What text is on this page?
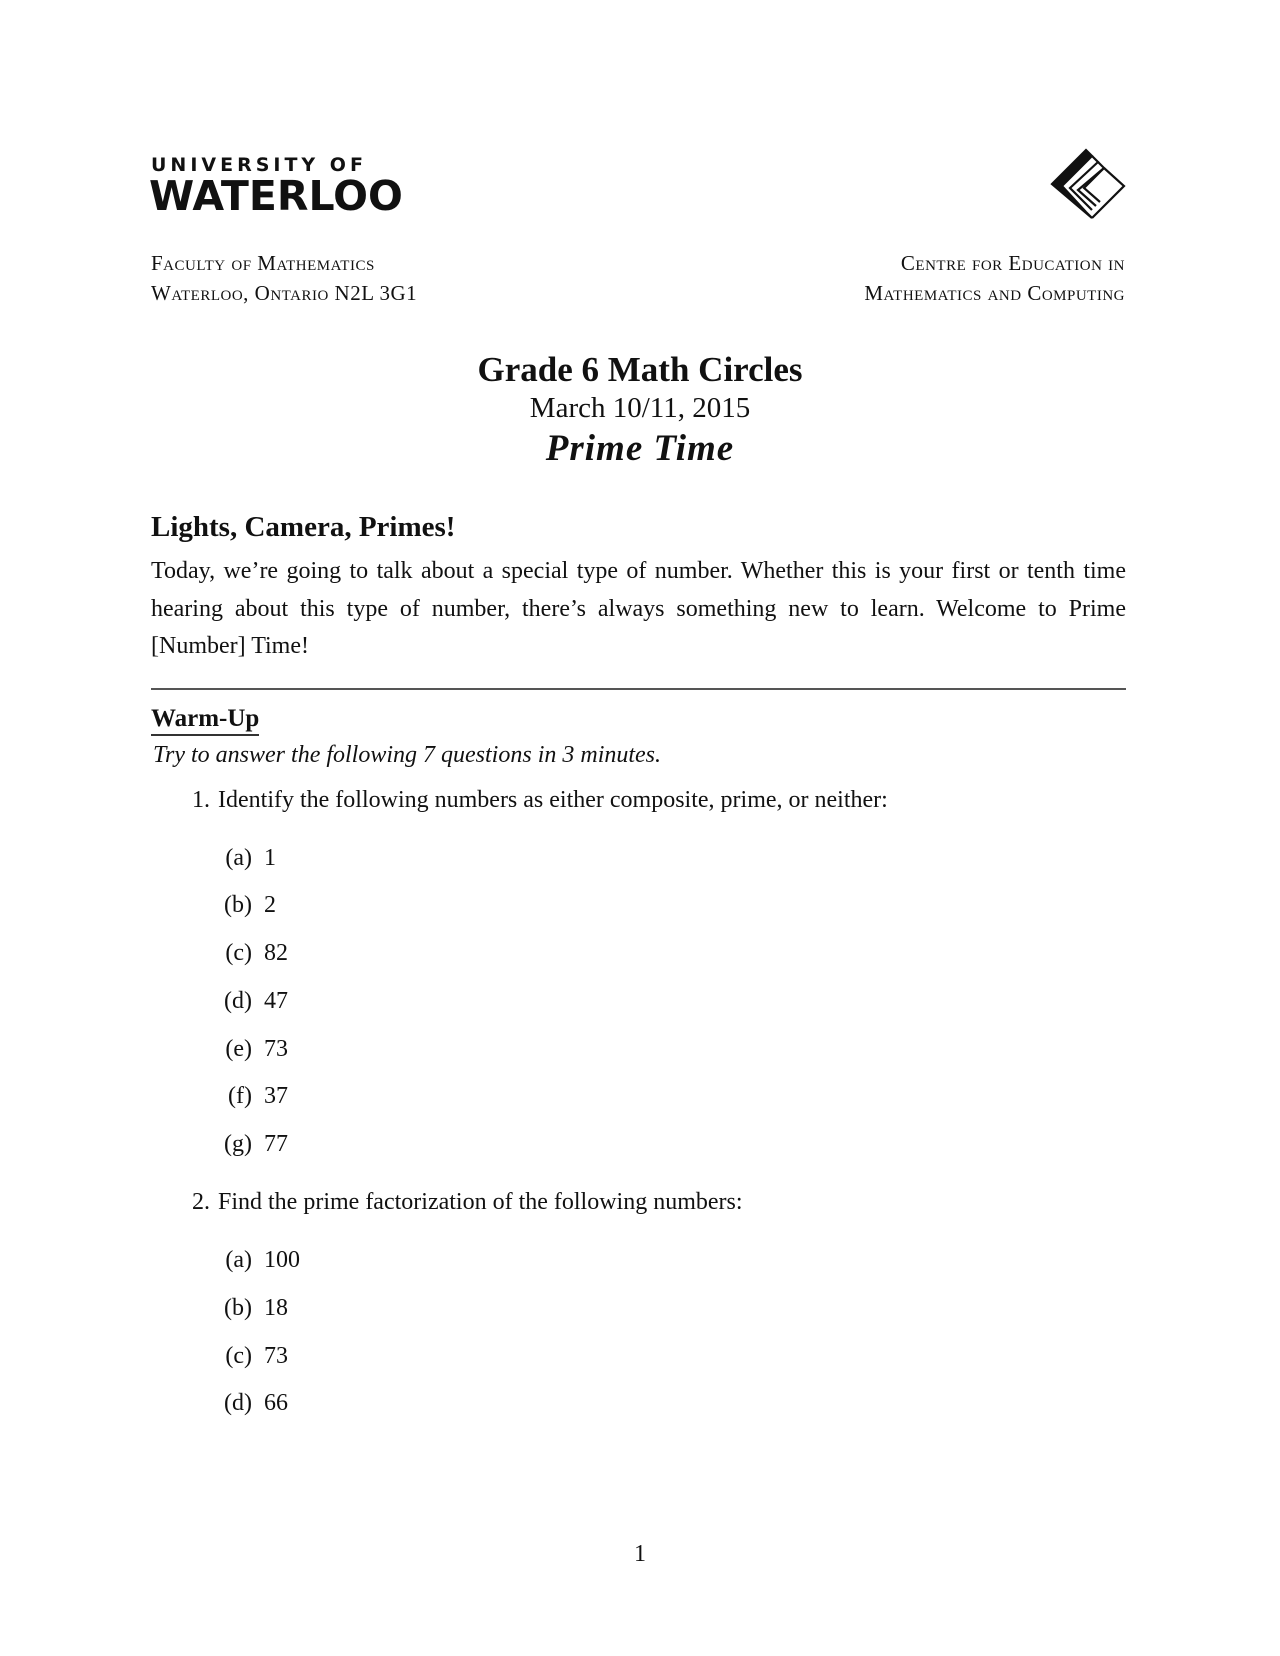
UNIVERSITY OF
WATERLOO
Faculty of Mathematics
Waterloo, Ontario N2L 3G1
Centre for Education in
Mathematics and Computing
Grade 6 Math Circles
March 10/11, 2015
Prime Time
Lights, Camera, Primes!
Today, we’re going to talk about a special type of number. Whether this is your first or tenth time hearing about this type of number, there’s always something new to learn. Welcome to Prime [Number] Time!
Warm-Up
Try to answer the following 7 questions in 3 minutes.
1. Identify the following numbers as either composite, prime, or neither:
(a) 1
(b) 2
(c) 82
(d) 47
(e) 73
(f) 37
(g) 77
2. Find the prime factorization of the following numbers:
(a) 100
(b) 18
(c) 73
(d) 66
1
